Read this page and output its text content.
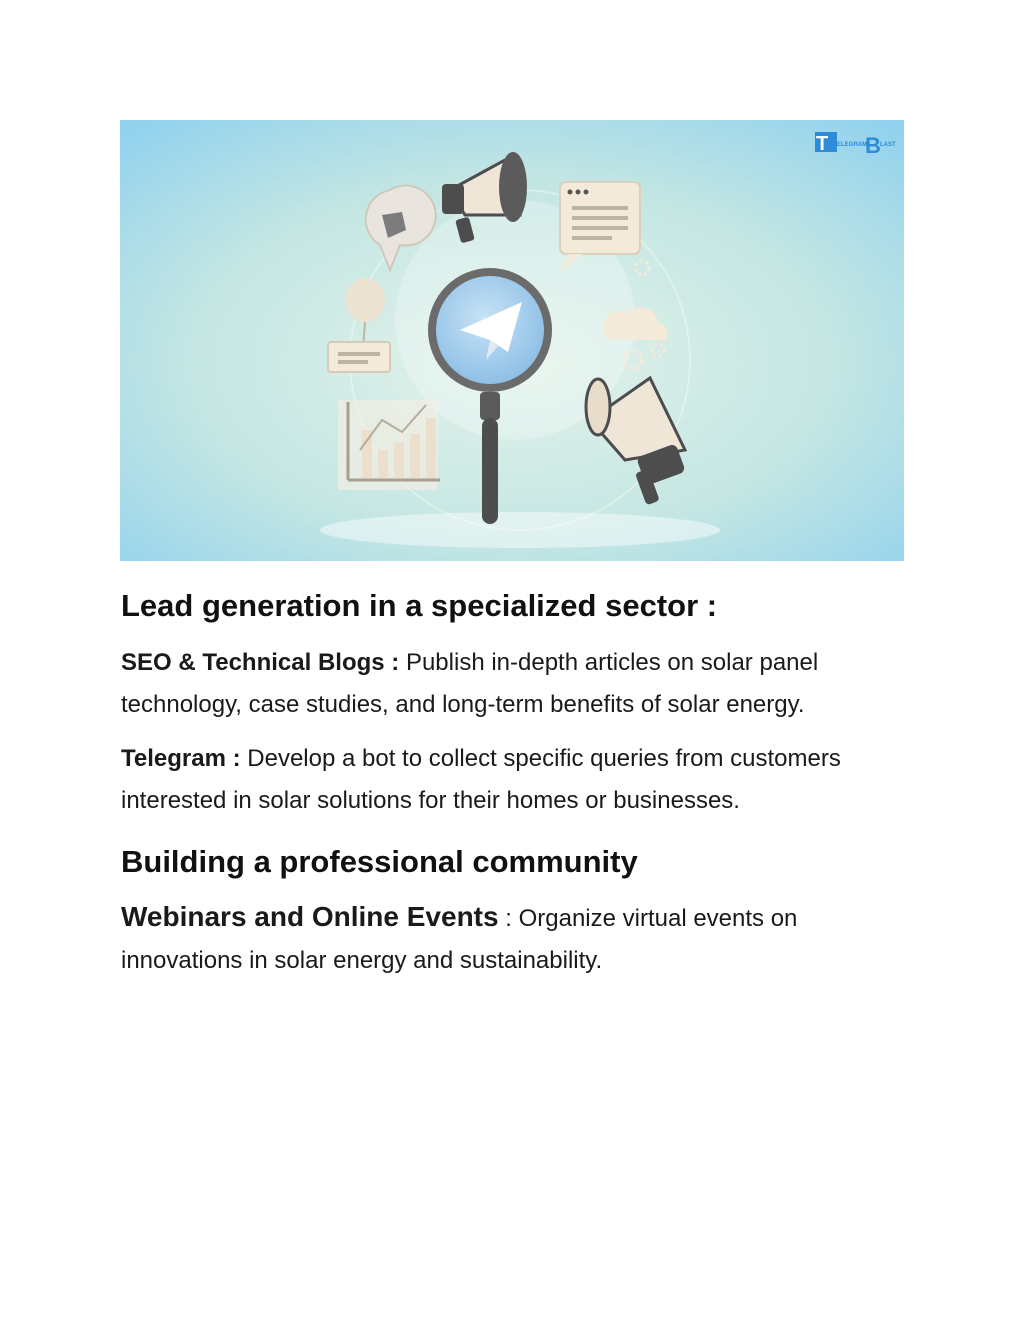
T ELEGRAM
B LAST
Lead generation in a specialized sector :

SEO & Technical Blogs : Publish in-depth articles on solar panel technology, case studies, and long-term benefits of solar energy.

Telegram : Develop a bot to collect specific queries from customers interested in solar solutions for their homes or businesses.

Building a professional community

Webinars and Online Events : Organize virtual events on innovations in solar energy and sustainability.
